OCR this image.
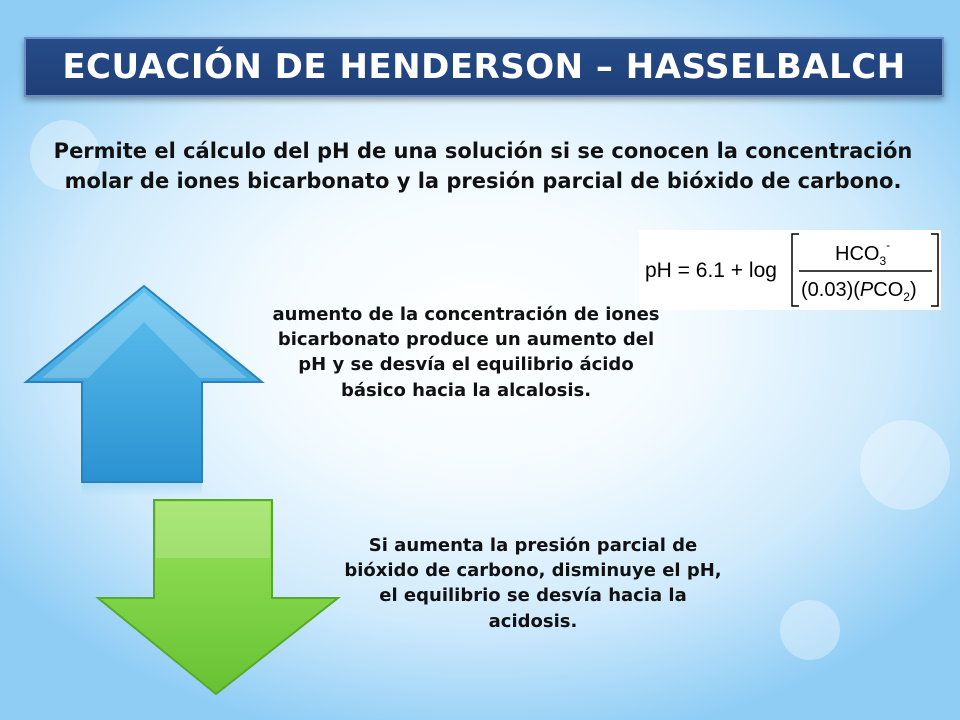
ECUACIÓN DE HENDERSON – HASSELBALCH
Permite el cálculo del pH de una solución si se conocen la concentración molar de iones bicarbonato y la presión parcial de bióxido de carbono.
pH = 6.1 + log
$HCO_3^-$
$(0.03)(PCO_2)$
aumento de la concentración de iones bicarbonato produce un aumento del pH y se desvía el equilibrio ácido básico hacia la alcalosis.
Si aumenta la presión parcial de bióxido de carbono, disminuye el pH, el equilibrio se desvía hacia la acidosis.
